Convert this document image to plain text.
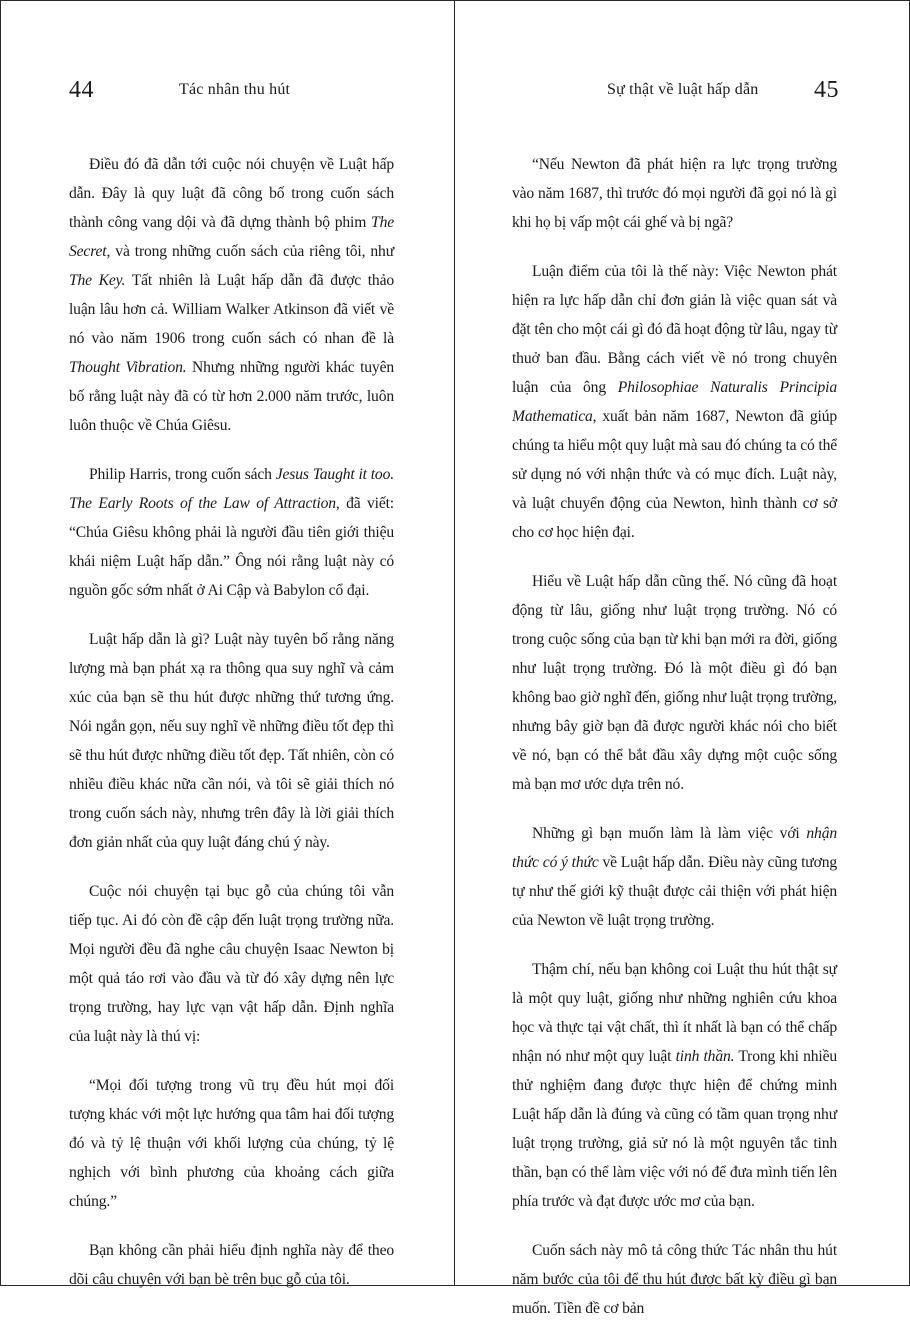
44	Tác nhân thu hút

Điều đó đã dẫn tới cuộc nói chuyện về Luật hấp dẫn. Đây là quy luật đã công bố trong cuốn sách thành công vang dội và đã dựng thành bộ phim The Secret, và trong những cuốn sách của riêng tôi, như The Key. Tất nhiên là Luật hấp dẫn đã được thảo luận lâu hơn cả. William Walker Atkinson đã viết về nó vào năm 1906 trong cuốn sách có nhan đề là Thought Vibration. Nhưng những người khác tuyên bố rằng luật này đã có từ hơn 2.000 năm trước, luôn luôn thuộc về Chúa Giêsu.

Philip Harris, trong cuốn sách Jesus Taught it too. The Early Roots of the Law of Attraction, đã viết: “Chúa Giêsu không phải là người đầu tiên giới thiệu khái niệm Luật hấp dẫn.” Ông nói rằng luật này có nguồn gốc sớm nhất ở Ai Cập và Babylon cổ đại.

Luật hấp dẫn là gì? Luật này tuyên bố rằng năng lượng mà bạn phát xạ ra thông qua suy nghĩ và cảm xúc của bạn sẽ thu hút được những thứ tương ứng. Nói ngắn gọn, nếu suy nghĩ về những điều tốt đẹp thì sẽ thu hút được những điều tốt đẹp. Tất nhiên, còn có nhiều điều khác nữa cần nói, và tôi sẽ giải thích nó trong cuốn sách này, nhưng trên đây là lời giải thích đơn giản nhất của quy luật đáng chú ý này.

Cuộc nói chuyện tại bục gỗ của chúng tôi vẫn tiếp tục. Ai đó còn đề cập đến luật trọng trường nữa. Mọi người đều đã nghe câu chuyện Isaac Newton bị một quả táo rơi vào đầu và từ đó xây dựng nên lực trọng trường, hay lực vạn vật hấp dẫn. Định nghĩa của luật này là thú vị:

“Mọi đối tượng trong vũ trụ đều hút mọi đối tượng khác với một lực hướng qua tâm hai đối tượng đó và tỷ lệ thuận với khối lượng của chúng, tỷ lệ nghịch với bình phương của khoảng cách giữa chúng.”

Bạn không cần phải hiểu định nghĩa này để theo dõi câu chuyện với bạn bè trên bục gỗ của tôi.

Sự thật về luật hấp dẫn 45

“Nếu Newton đã phát hiện ra lực trọng trường vào năm 1687, thì trước đó mọi người đã gọi nó là gì khi họ bị vấp một cái ghế và bị ngã?

Luận điểm của tôi là thế này: Việc Newton phát hiện ra lực hấp dẫn chỉ đơn giản là việc quan sát và đặt tên cho một cái gì đó đã hoạt động từ lâu, ngay từ thuở ban đầu. Bằng cách viết về nó trong chuyên luận của ông Philosophiae Naturalis Principia Mathematica, xuất bản năm 1687, Newton đã giúp chúng ta hiểu một quy luật mà sau đó chúng ta có thể sử dụng nó với nhận thức và có mục đích. Luật này, và luật chuyển động của Newton, hình thành cơ sở cho cơ học hiện đại.

Hiểu về Luật hấp dẫn cũng thế. Nó cũng đã hoạt động từ lâu, giống như luật trọng trường. Nó có trong cuộc sống của bạn từ khi bạn mới ra đời, giống như luật trọng trường. Đó là một điều gì đó bạn không bao giờ nghĩ đến, giống như luật trọng trường, nhưng bây giờ bạn đã được người khác nói cho biết về nó, bạn có thể bắt đầu xây dựng một cuộc sống mà bạn mơ ước dựa trên nó.

Những gì bạn muốn làm là làm việc với nhận thức có ý thức về Luật hấp dẫn. Điều này cũng tương tự như thế giới kỹ thuật được cải thiện với phát hiện của Newton về luật trọng trường.

Thậm chí, nếu bạn không coi Luật thu hút thật sự là một quy luật, giống như những nghiên cứu khoa học và thực tại vật chất, thì ít nhất là bạn có thể chấp nhận nó như một quy luật tinh thần. Trong khi nhiều thử nghiệm đang được thực hiện để chứng minh Luật hấp dẫn là đúng và cũng có tầm quan trọng như luật trọng trường, giả sử nó là một nguyên tắc tinh thần, bạn có thể làm việc với nó để đưa mình tiến lên phía trước và đạt được ước mơ của bạn.

Cuốn sách này mô tả công thức Tác nhân thu hút năm bước của tôi để thu hút được bất kỳ điều gì bạn muốn. Tiền đề cơ bản
